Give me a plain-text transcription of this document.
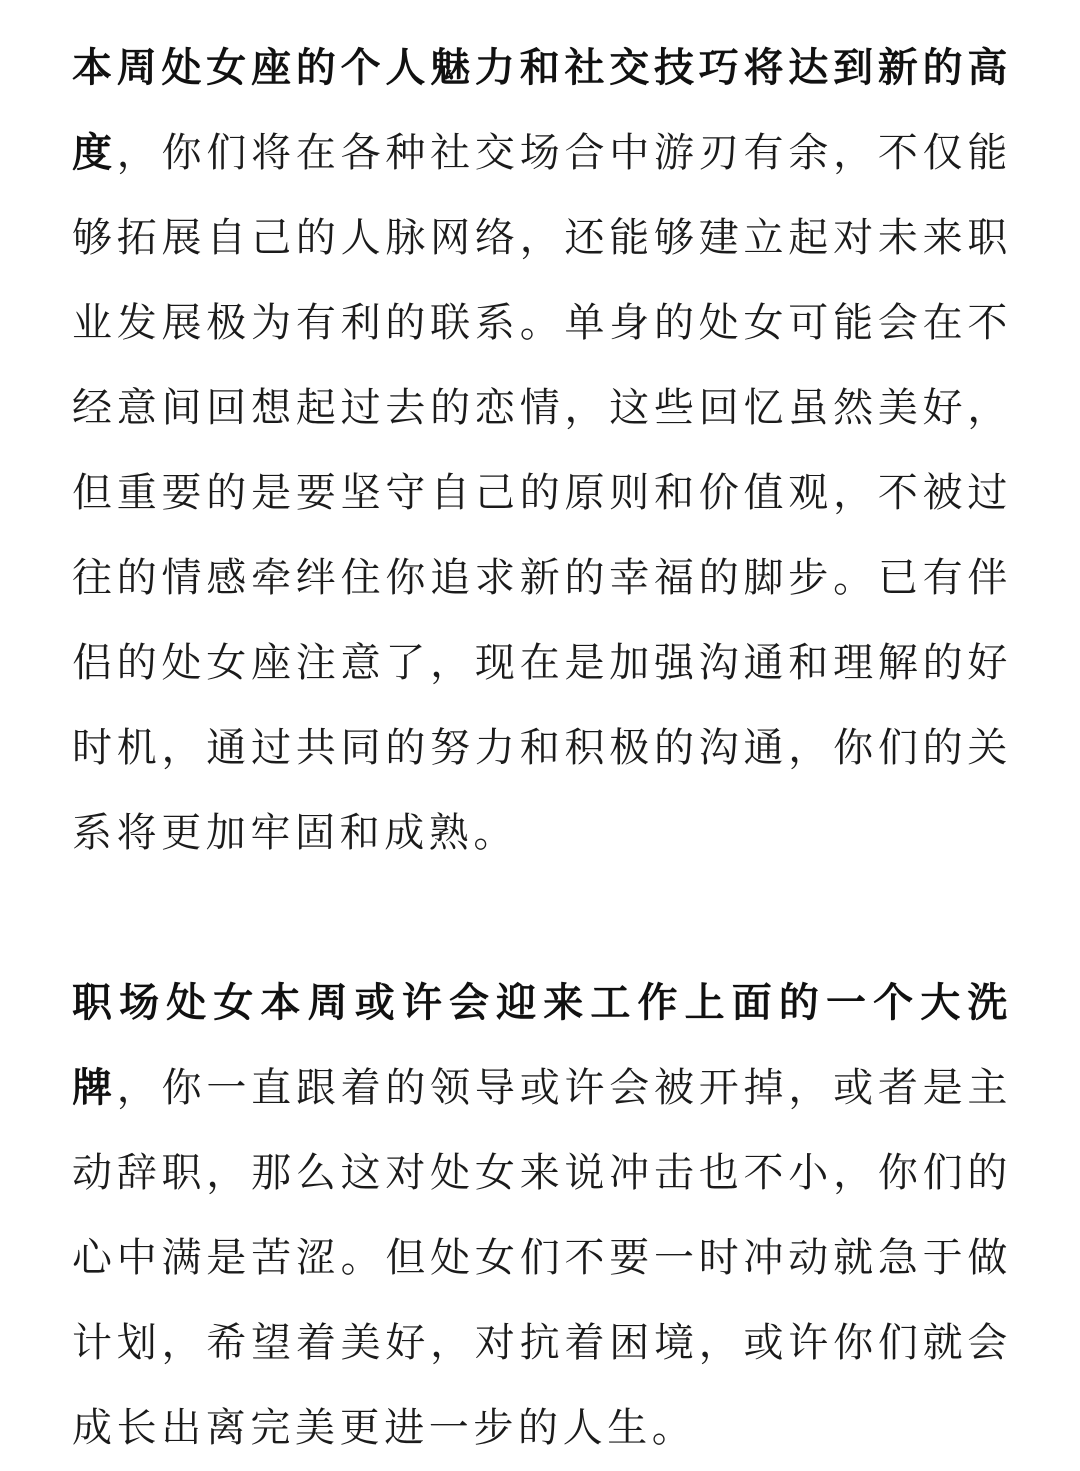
本周处女座的个人魅力和社交技巧将达到新的高度，你们将在各种社交场合中游刃有余，不仅能够拓展自己的人脉网络，还能够建立起对未来职业发展极为有利的联系。单身的处女可能会在不经意间回想起过去的恋情，这些回忆虽然美好，但重要的是要坚守自己的原则和价值观，不被过往的情感牵绊住你追求新的幸福的脚步。已有伴侣的处女座注意了，现在是加强沟通和理解的好时机，通过共同的努力和积极的沟通，你们的关系将更加牢固和成熟。

职场处女本周或许会迎来工作上面的一个大洗牌，你一直跟着的领导或许会被开掉，或者是主动辞职，那么这对处女来说冲击也不小，你们的心中满是苦涩。但处女们不要一时冲动就急于做计划，希望着美好，对抗着困境，或许你们就会成长出离完美更进一步的人生。
